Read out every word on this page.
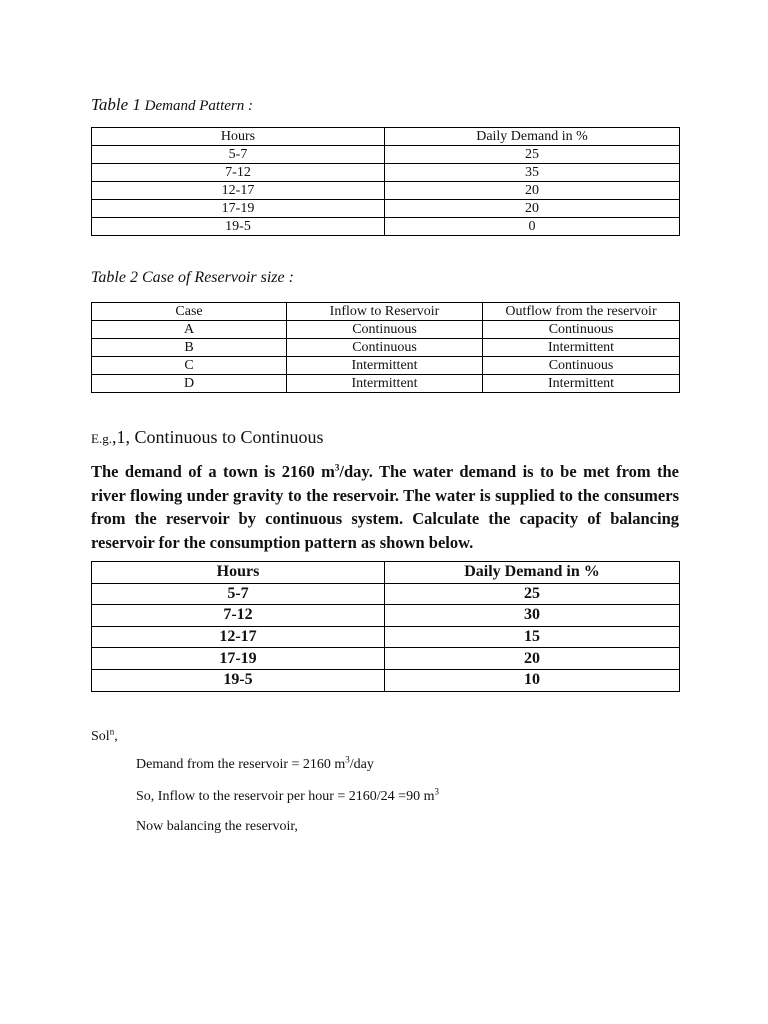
Table 1 Demand Pattern :
Hours	Daily Demand in %
5-7	25
7-12	35
12-17	20
17-19	20
19-5	0
Table 2 Case of Reservoir size :
Case	Inflow to Reservoir	Outflow from the reservoir
A	Continuous	Continuous
B	Continuous	Intermittent
C	Intermittent	Continuous
D	Intermittent	Intermittent
E.g.,1, Continuous to Continuous
The demand of a town is 2160 $m^3$/day. The water demand is to be met from the river flowing under gravity to the reservoir. The water is supplied to the consumers from the reservoir by continuous system. Calculate the capacity of balancing reservoir for the consumption pattern as shown below.
Hours	Daily Demand in %
5-7	25
7-12	30
12-17	15
17-19	20
19-5	10
Sol$^n$,
Demand from the reservoir = 2160 $m^3$/day
So, Inflow to the reservoir per hour = 2160/24 =90 $m^3$
Now balancing the reservoir,
